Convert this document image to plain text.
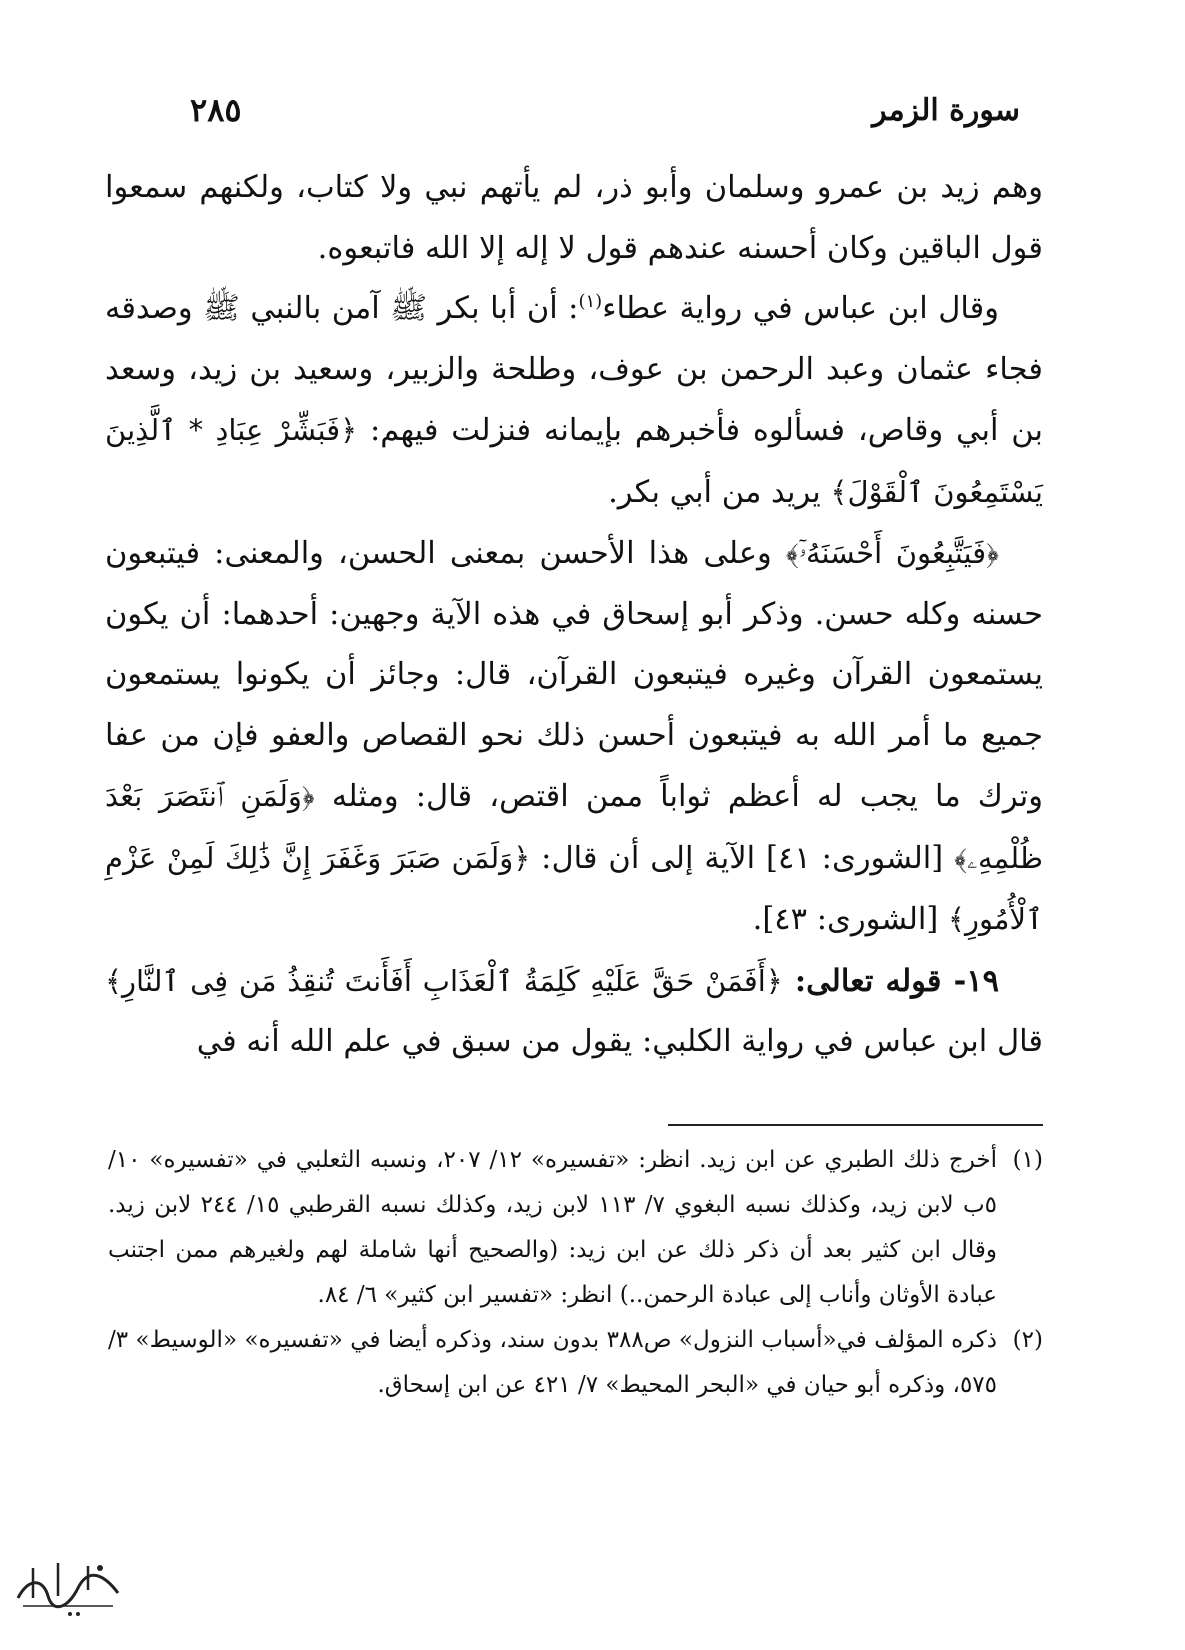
سورة الزمر
٢٨٥

وهم زيد بن عمرو وسلمان وأبو ذر، لم يأتهم نبي ولا كتاب، ولكنهم سمعوا قول الباقين وكان أحسنه عندهم قول لا إله إلا الله فاتبعوه.

وقال ابن عباس في رواية عطاء$^{(١)}$: أن أبا بكر ﷺ آمن بالنبي ﷺ وصدقه فجاء عثمان وعبد الرحمن بن عوف، وطلحة والزبير، وسعيد بن زيد، وسعد بن أبي وقاص، فسألوه فأخبرهم بإيمانه فنزلت فيهم: ﴿فَبَشِّرْ عِبَادِ * ٱلَّذِينَ يَسْتَمِعُونَ ٱلْقَوْلَ﴾ يريد من أبي بكر.

﴿فَيَتَّبِعُونَ أَحْسَنَهُۥٓ﴾ وعلى هذا الأحسن بمعنى الحسن، والمعنى: فيتبعون حسنه وكله حسن. وذكر أبو إسحاق في هذه الآية وجهين: أحدهما: أن يكون يستمعون القرآن وغيره فيتبعون القرآن، قال: وجائز أن يكونوا يستمعون جميع ما أمر الله به فيتبعون أحسن ذلك نحو القصاص والعفو فإن من عفا وترك ما يجب له أعظم ثواباً ممن اقتص، قال: ومثله ﴿وَلَمَنِ ٱنتَصَرَ بَعْدَ ظُلْمِهِۦ﴾ [الشورى: ٤١] الآية إلى أن قال: ﴿وَلَمَن صَبَرَ وَغَفَرَ إِنَّ ذَٰلِكَ لَمِنْ عَزْمِ ٱلْأُمُورِ﴾ [الشورى: ٤٣].

١٩- قوله تعالى: ﴿أَفَمَنْ حَقَّ عَلَيْهِ كَلِمَةُ ٱلْعَذَابِ أَفَأَنتَ تُنقِذُ مَن فِى ٱلنَّارِ﴾ قال ابن عباس في رواية الكلبي: يقول من سبق في علم الله أنه في

(١)
أخرج ذلك الطبري عن ابن زيد. انظر: «تفسيره» ١٢/ ٢٠٧، ونسبه الثعلبي في «تفسيره» ١٠/ ٥ب لابن زيد، وكذلك نسبه البغوي ٧/ ١١٣ لابن زيد، وكذلك نسبه القرطبي ١٥/ ٢٤٤ لابن زيد. وقال ابن كثير بعد أن ذكر ذلك عن ابن زيد: (والصحيح أنها شاملة لهم ولغيرهم ممن اجتنب عبادة الأوثان وأناب إلى عبادة الرحمن..) انظر: «تفسير ابن كثير» ٦/ ٨٤.
(٢)
ذكره المؤلف في«أسباب النزول» ص٣٨٨ بدون سند، وذكره أيضا في «تفسيره» «الوسيط» ٣/ ٥٧٥، وذكره أبو حيان في «البحر المحيط» ٧/ ٤٢١ عن ابن إسحاق.
